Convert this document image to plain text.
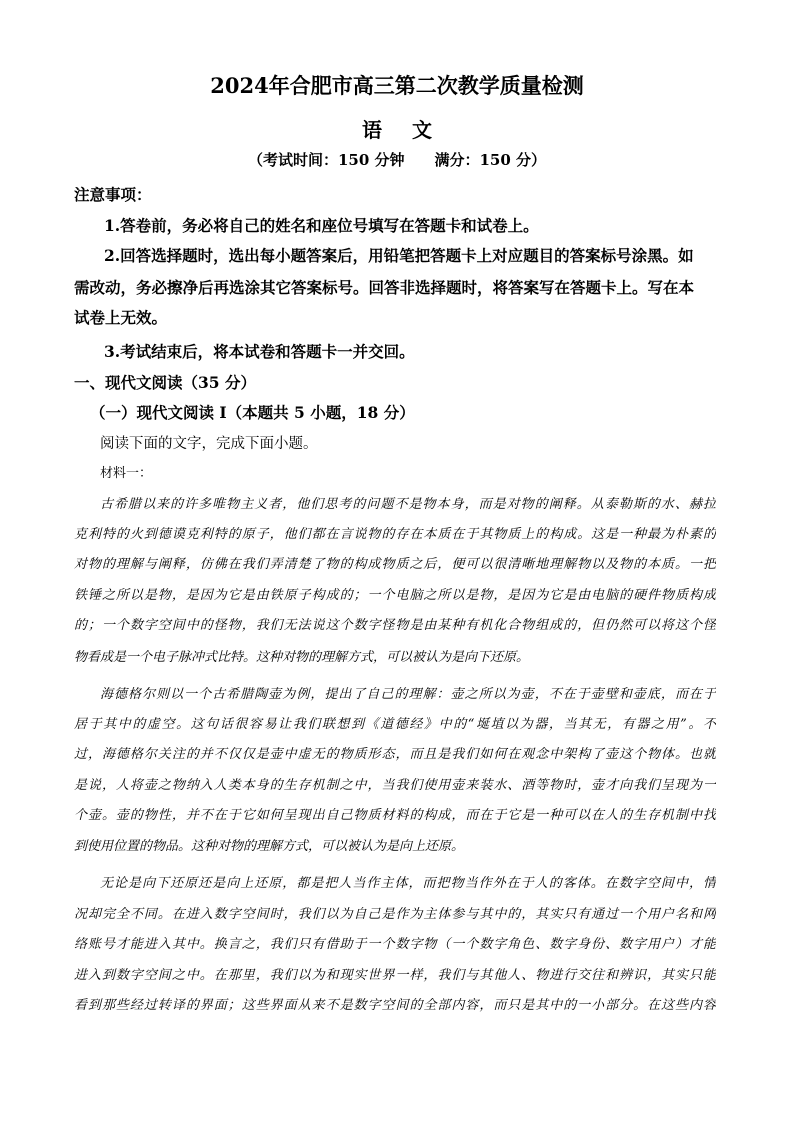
2024年合肥市高三第二次教学质量检测
语 文
（考试时间：150 分钟　　满分：150 分）
注意事项：
1.答卷前，务必将自己的姓名和座位号填写在答题卡和试卷上。
2.回答选择题时，选出每小题答案后，用铅笔把答题卡上对应题目的答案标号涂黑。如
需改动，务必擦净后再选涂其它答案标号。回答非选择题时，将答案写在答题卡上。写在本
试卷上无效。
3.考试结束后，将本试卷和答题卡一并交回。
一、现代文阅读（35 分）
（一）现代文阅读 I（本题共 5 小题，18 分）
阅读下面的文字，完成下面小题。
材料一：
古希腊以来的许多唯物主义者，他们思考的问题不是物本身，而是对物的阐释。从泰勒斯的水、赫拉
克利特的火到德谟克利特的原子，他们都在言说物的存在本质在于其物质上的构成。这是一种最为朴素的
对物的理解与阐释，仿佛在我们弄清楚了物的构成物质之后，便可以很清晰地理解物以及物的本质。一把
铁锤之所以是物，是因为它是由铁原子构成的；一个电脑之所以是物，是因为它是由电脑的硬件物质构成
的；一个数字空间中的怪物，我们无法说这个数字怪物是由某种有机化合物组成的，但仍然可以将这个怪
物看成是一个电子脉冲式比特。这种对物的理解方式，可以被认为是向下还原。
海德格尔则以一个古希腊陶壶为例，提出了自己的理解：壶之所以为壶，不在于壶壁和壶底，而在于
居于其中的虚空。这句话很容易让我们联想到《道德经》中的“埏埴以为器，当其无，有器之用”。不
过，海德格尔关注的并不仅仅是壶中虚无的物质形态，而且是我们如何在观念中架构了壶这个物体。也就
是说，人将壶之物纳入人类本身的生存机制之中，当我们使用壶来装水、酒等物时，壶才向我们呈现为一
个壶。壶的物性，并不在于它如何呈现出自己物质材料的构成，而在于它是一种可以在人的生存机制中找
到使用位置的物品。这种对物的理解方式，可以被认为是向上还原。
无论是向下还原还是向上还原，都是把人当作主体，而把物当作外在于人的客体。在数字空间中，情
况却完全不同。在进入数字空间时，我们以为自己是作为主体参与其中的，其实只有通过一个用户名和网
络账号才能进入其中。换言之，我们只有借助于一个数字物（一个数字角色、数字身份、数字用户）才能
进入到数字空间之中。在那里，我们以为和现实世界一样，我们与其他人、物进行交往和辨识，其实只能
看到那些经过转译的界面；这些界面从来不是数字空间的全部内容，而只是其中的一小部分。在这些内容
